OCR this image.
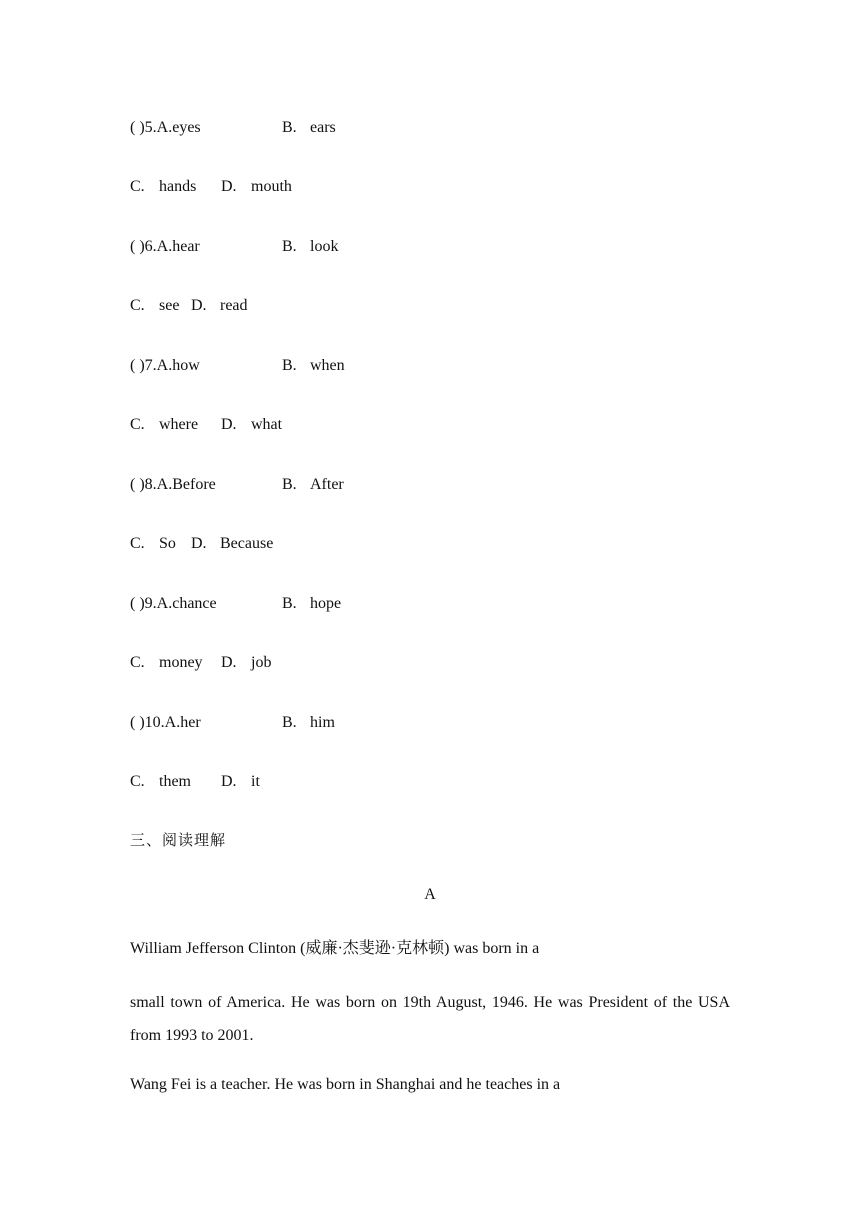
( )5.A.eyes	B. ears
C. hands D. mouth
( )6.A.hear	B. look
C. see D. read
( )7.A.how	B. when
C. where D. what
( )8.A.Before	B. After
C. So D. Because
( )9.A.chance	B. hope
C. money D. job
( )10.A.her	B. him
C. them D. it
三、阅读理解
A
William Jefferson Clinton (威廉·杰斐逊·克林顿) was born in a
small town of America. He was born on 19th August, 1946. He was President of the USA from 1993 to 2001.
Wang Fei is a teacher. He was born in Shanghai and he teaches in a
